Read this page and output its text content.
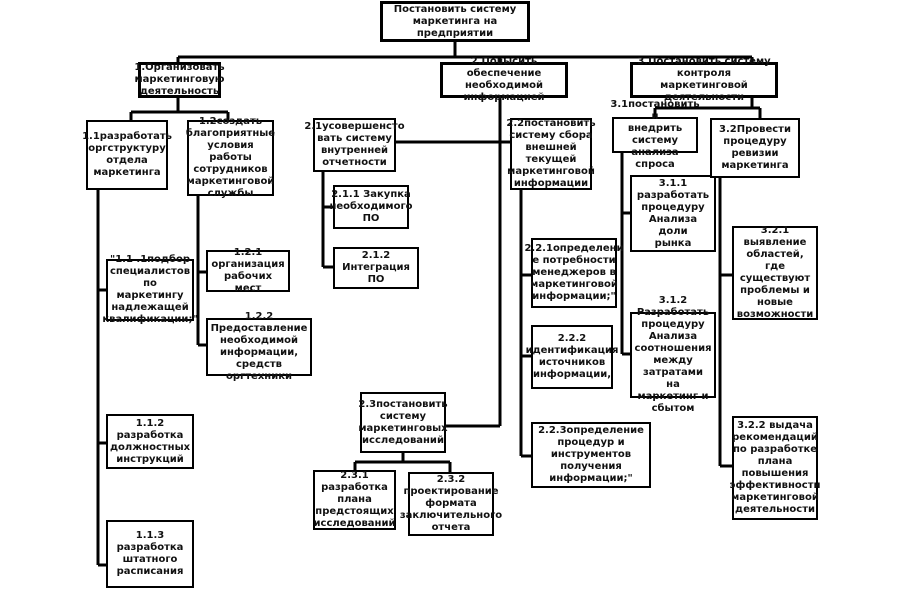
Постановить систему
маркетинга на предприятии
1.Организовать
маркетинговую
деятельность
2.Повысить обеспечение
необходимой
информацией
3.Постановить систему
контроля маркетинговой
деятельности
1.1разработать
оргструктуру
отдела
маркетинга
1.2создать
благоприятные
условия работы
сотрудников
маркетинговой
службы
"1.1 .1подбор
специалистов по
маркетингу
надлежащей
квалификации;"
1.1.2 разработка
должностных
инструкций
1.1.3 разработка
штатного расписания
1.2.1
организация
рабочих мест
1.2.2 Предоставление
необходимой
информации, средств
оргтехники
2.1усовершенсто
вать систему
внутренней
отчетности
2.1.1 Закупка
необходимого
ПО
2.1.2 Интеграция
ПО
2.2постановить
систему сбора
внешней
текущей
маркетинговой
информации
2.2.1определени
е потребности
менеджеров в
маркетинговой
информации;"
2.2.2
идентификация
источников
информации,
2.2.3определение
процедур и
инструментов получения
информации;"
2.3постановить
систему
маркетинговых
исследований
2.3.1 разработка
плана
предстоящих
исследований
2.3.2
проектирование
формата
заключительного
отчета
3.1постановить и
внедрить
систему анализа
спроса
3.1.1 разработать
процедуру
Анализа доли
рынка
3.1.2 Разработать
процедуру
Анализа
соотношения
между затратами
на маркетинг и
сбытом
3.2Провести
процедуру
ревизии
маркетинга
3.2.1 выявление
областей, где
существуют
проблемы и
новые
возможности
3.2.2 выдача
рекомендаций
по разработке
плана
повышения
эффективности
маркетинговой
деятельности
